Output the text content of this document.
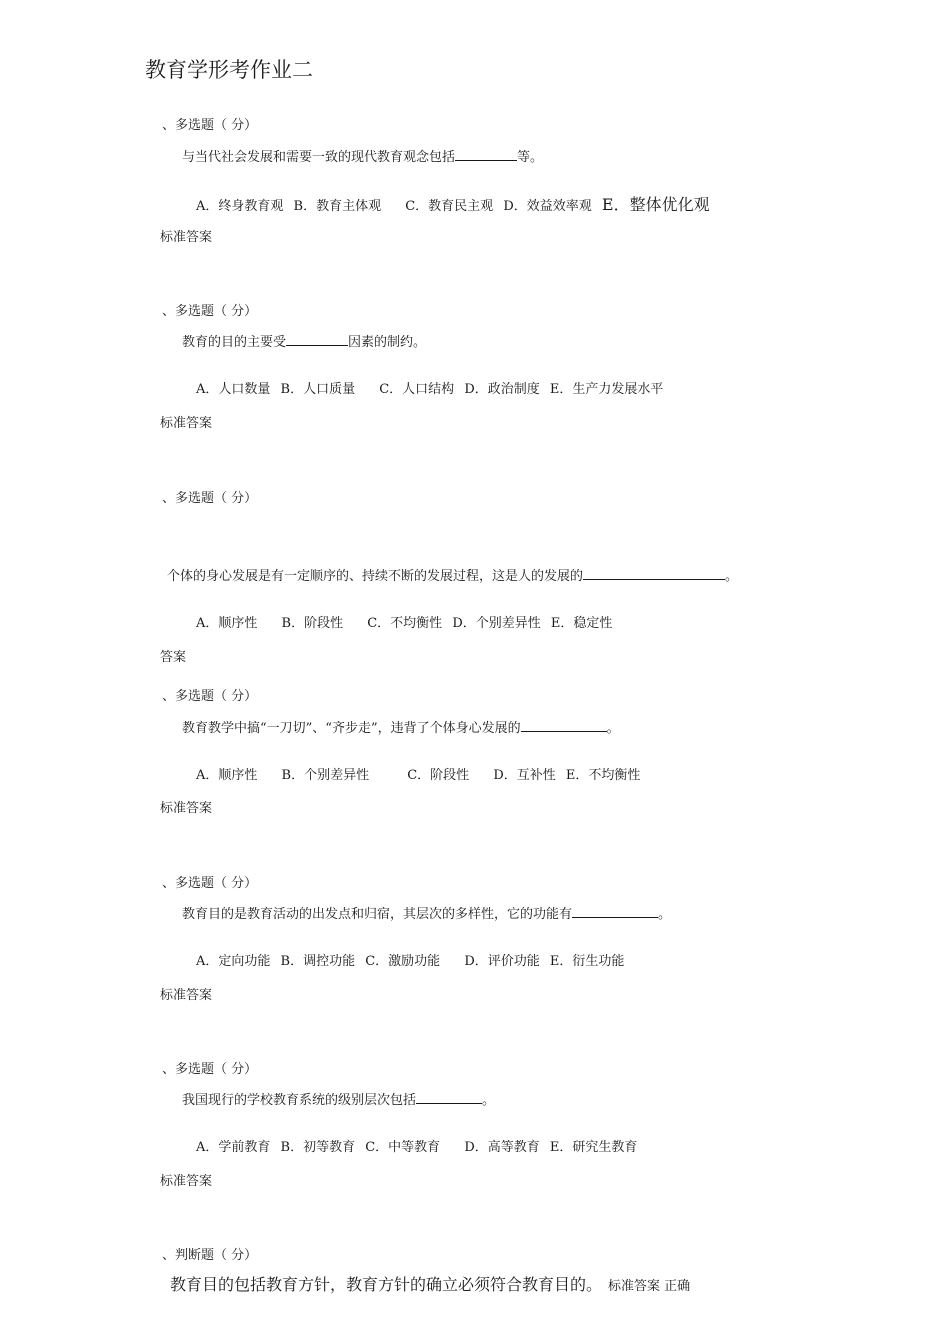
教育学形考作业二
、多选题（ 分）
与当代社会发展和需要一致的现代教育观念包括	等。
A．终身教育观 B．教育主体观 C．教育民主观 D．效益效率观 E．整体优化观
标准答案
、多选题（ 分）
教育的目的主要受	因素的制约。
A．人口数量 B．人口质量 C．人口结构 D．政治制度 E．生产力发展水平
标准答案
、多选题（ 分）
个体的身心发展是有一定顺序的、持续不断的发展过程，这是人的发展的	。
A．顺序性 B．阶段性 C．不均衡性 D．个别差异性 E．稳定性
答案
、多选题（ 分）
教育教学中搞“一刀切”、“齐步走”，违背了个体身心发展的	。
A．顺序性 B．个别差异性	C．阶段性 D．互补性 E．不均衡性
标准答案
、多选题（ 分）
教育目的是教育活动的出发点和归宿，其层次的多样性，它的功能有	。
A．定向功能 B．调控功能 C．激励功能 D．评价功能 E．衍生功能
标准答案
、多选题（ 分）
我国现行的学校教育系统的级别层次包括	。
A．学前教育 B．初等教育 C．中等教育 D．高等教育 E．研究生教育
标准答案
、判断题（ 分）
教育目的包括教育方针，教育方针的确立必须符合教育目的。 标准答案 正确
